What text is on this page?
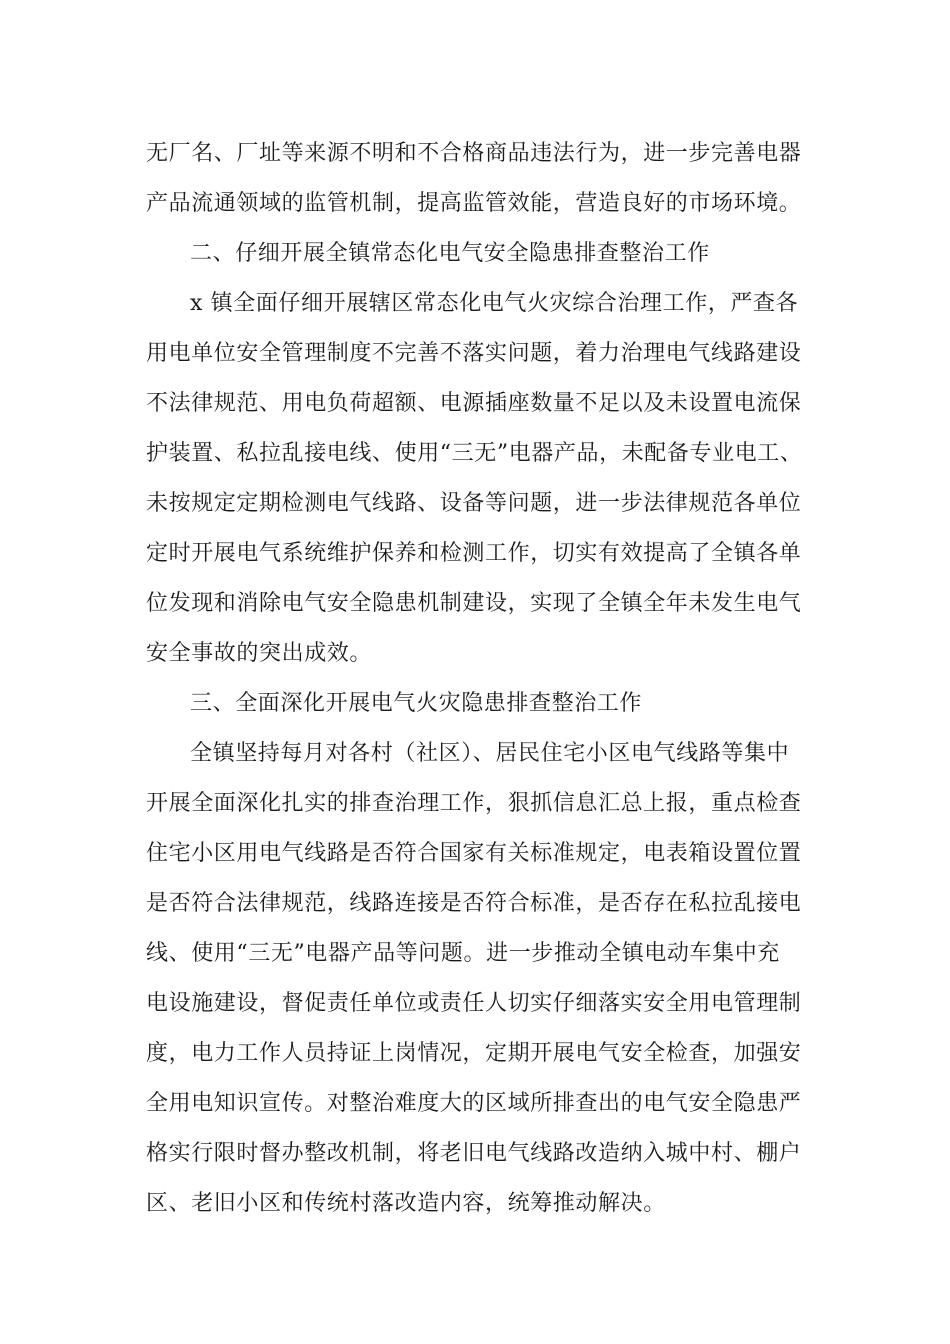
无厂名、厂址等来源不明和不合格商品违法行为，进一步完善电器
产品流通领域的监管机制，提高监管效能，营造良好的市场环境。
二、仔细开展全镇常态化电气安全隐患排查整治工作
x 镇全面仔细开展辖区常态化电气火灾综合治理工作，严查各
用电单位安全管理制度不完善不落实问题，着力治理电气线路建设
不法律规范、用电负荷超额、电源插座数量不足以及未设置电流保
护装置、私拉乱接电线、使用“三无”电器产品，未配备专业电工、
未按规定定期检测电气线路、设备等问题，进一步法律规范各单位
定时开展电气系统维护保养和检测工作，切实有效提高了全镇各单
位发现和消除电气安全隐患机制建设，实现了全镇全年未发生电气
安全事故的突出成效。
三、全面深化开展电气火灾隐患排查整治工作
全镇坚持每月对各村（社区）、居民住宅小区电气线路等集中
开展全面深化扎实的排查治理工作，狠抓信息汇总上报，重点检查
住宅小区用电气线路是否符合国家有关标准规定，电表箱设置位置
是否符合法律规范，线路连接是否符合标准，是否存在私拉乱接电
线、使用“三无”电器产品等问题。进一步推动全镇电动车集中充
电设施建设，督促责任单位或责任人切实仔细落实安全用电管理制
度，电力工作人员持证上岗情况，定期开展电气安全检查，加强安
全用电知识宣传。对整治难度大的区域所排查出的电气安全隐患严
格实行限时督办整改机制，将老旧电气线路改造纳入城中村、棚户
区、老旧小区和传统村落改造内容，统筹推动解决。
